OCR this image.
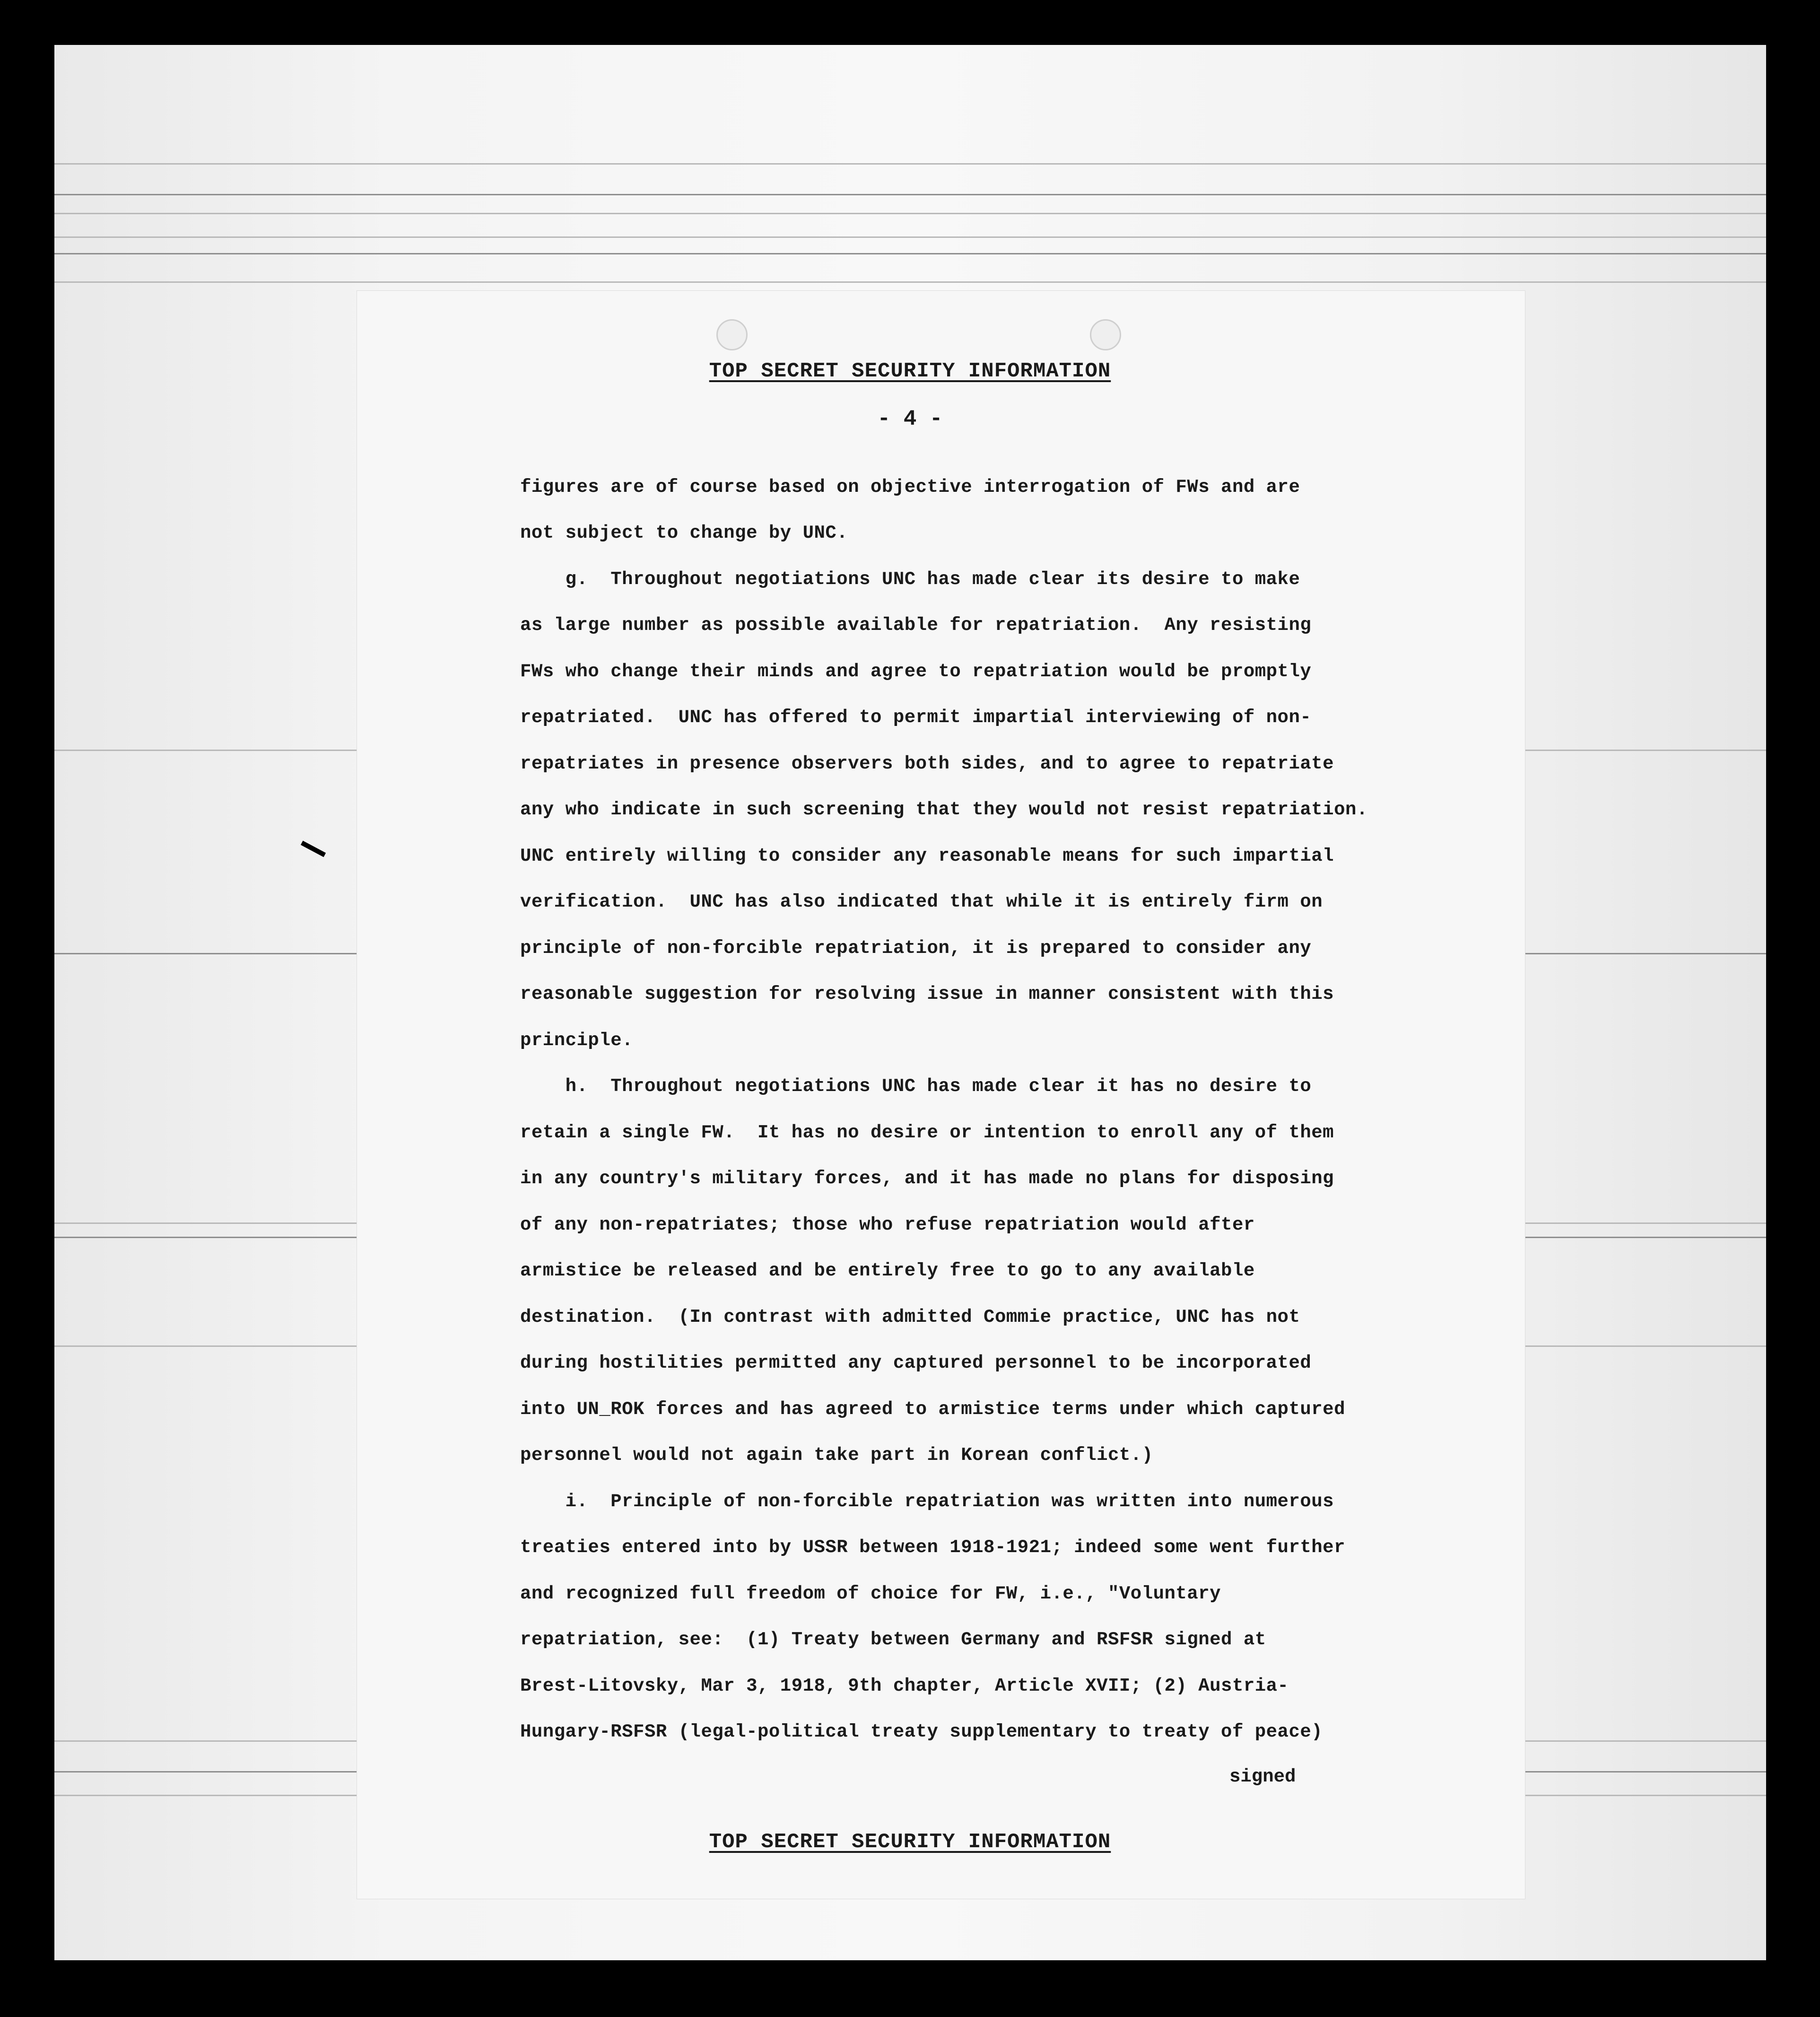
TOP SECRET SECURITY INFORMATION
- 4 -
figures are of course based on objective interrogation of FWs and are
not subject to change by UNC.
g.  Throughout negotiations UNC has made clear its desire to make
as large number as possible available for repatriation.  Any resisting
FWs who change their minds and agree to repatriation would be promptly
repatriated.  UNC has offered to permit impartial interviewing of non-
repatriates in presence observers both sides, and to agree to repatriate
any who indicate in such screening that they would not resist repatriation.
UNC entirely willing to consider any reasonable means for such impartial
verification.  UNC has also indicated that while it is entirely firm on
principle of non-forcible repatriation, it is prepared to consider any
reasonable suggestion for resolving issue in manner consistent with this
principle.
h.  Throughout negotiations UNC has made clear it has no desire to
retain a single FW.  It has no desire or intention to enroll any of them
in any country's military forces, and it has made no plans for disposing
of any non-repatriates; those who refuse repatriation would after
armistice be released and be entirely free to go to any available
destination.  (In contrast with admitted Commie practice, UNC has not
during hostilities permitted any captured personnel to be incorporated
into UN_ROK forces and has agreed to armistice terms under which captured
personnel would not again take part in Korean conflict.)
i.  Principle of non-forcible repatriation was written into numerous
treaties entered into by USSR between 1918-1921; indeed some went further
and recognized full freedom of choice for FW, i.e., "Voluntary
repatriation, see:  (1) Treaty between Germany and RSFSR signed at
Brest-Litovsky, Mar 3, 1918, 9th chapter, Article XVII; (2) Austria-
Hungary-RSFSR (legal-political treaty supplementary to treaty of peace)
signed
TOP SECRET SECURITY INFORMATION
